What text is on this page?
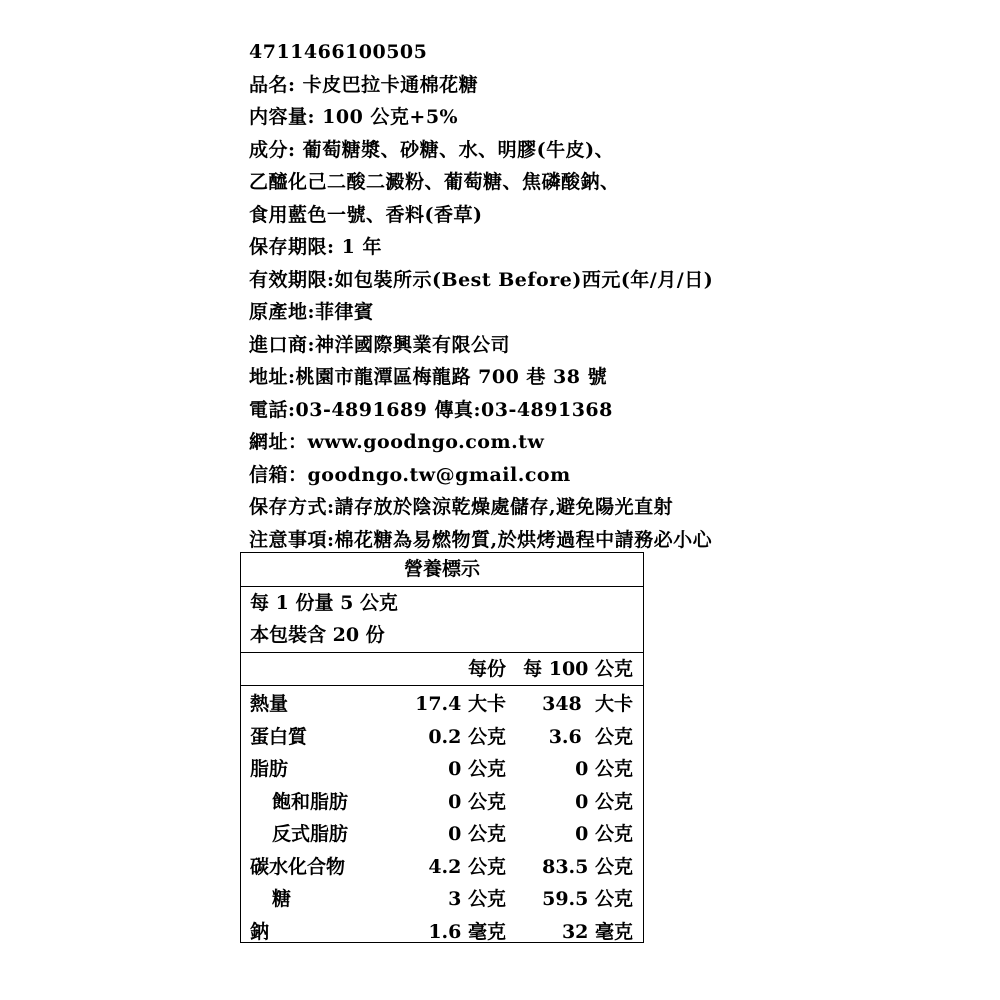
4711466100505
品名: 卡皮巴拉卡通棉花糖
内容量: 100 公克+5%
成分: 葡萄糖漿、砂糖、水、明膠(牛皮)、
乙醯化己二酸二澱粉、葡萄糖、焦磷酸鈉、
食用藍色一號、香料(香草)
保存期限: 1 年
有效期限:如包裝所示(Best Before)西元(年/月/日)
原產地:菲律賓
進口商:神洋國際興業有限公司
地址:桃園市龍潭區梅龍路 700 巷 38 號
電話:03-4891689 傳真:03-4891368
網址：www.goodngo.com.tw
信箱：goodngo.tw@gmail.com
保存方式:請存放於陰涼乾燥處儲存,避免陽光直射
注意事項:棉花糖為易燃物質,於烘烤過程中請務必小心
營養標示
每 1 份量 5 公克
本包裝含 20 份
每份 每 100 公克
熱量	17.4 大卡 348  大卡
蛋白質	0.2 公克 3.6  公克
脂肪	0 公克	0 公克
飽和脂肪	0 公克	0 公克
反式脂肪	0 公克	0 公克
碳水化合物	4.2 公克 83.5 公克
糖	3 公克 59.5 公克
鈉	1.6 毫克	32 毫克
